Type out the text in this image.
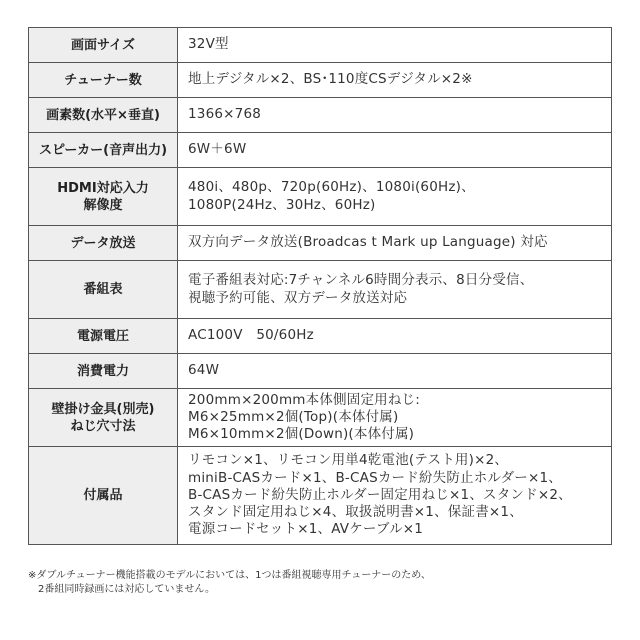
画面サイズ	32V型

チューナー数	地上デジタル×2、BS･110度CSデジタル×2※

画素数(水平×垂直)	1366×768

スピーカー(音声出力)	6W＋6W

HDMI対応入力
解像度	480i、480p、720p(60Hz)、1080i(60Hz)、
1080P(24Hz、30Hz、60Hz)

データ放送	双方向データ放送(Broadcas t Mark up Language) 対応

番組表	電子番組表対応:7チャンネル6時間分表示、8日分受信、
視聴予約可能、双方データ放送対応

電源電圧	AC100V　50/60Hz

消費電力	64W

壁掛け金具(別売)
ねじ穴寸法	200mm×200mm本体側固定用ねじ:
M6×25mm×2個(Top)(本体付属)
M6×10mm×2個(Down)(本体付属)

付属品	リモコン×1、リモコン用単4乾電池(テスト用)×2、
miniB-CASカード×1、B-CASカード紛失防止ホルダー×1、
B-CASカード紛失防止ホルダー固定用ねじ×1、スタンド×2、
スタンド固定用ねじ×4、取扱説明書×1、保証書×1、
電源コードセット×1、AVケーブル×1
※ダブルチューナー機能搭載のモデルにおいては、1つは番組視聴専用チューナーのため、
2番組同時録画には対応していません。
